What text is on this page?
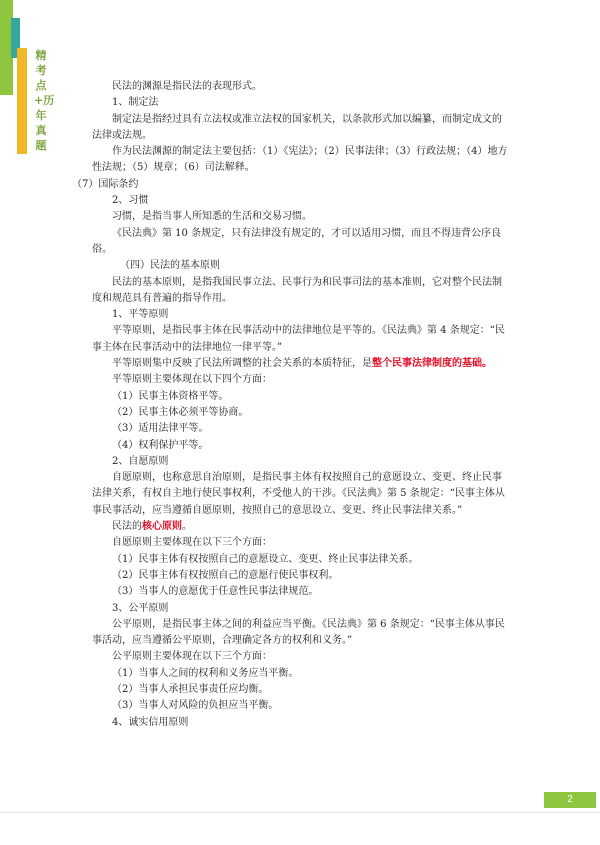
精考点+历年真题

民法的渊源是指民法的表现形式。

1、制定法

制定法是指经过具有立法权或准立法权的国家机关，以条款形式加以编纂，而制定成文的法律或法规。

作为民法渊源的制定法主要包括：（1）《宪法》；（2）民事法律；（3）行政法规；（4）地方性法规；（5）规章；（6）司法解释。

（7）国际条约

2、习惯

习惯，是指当事人所知悉的生活和交易习惯。

《民法典》第 10 条规定，只有法律没有规定的，才可以适用习惯，而且不得违背公序良俗。

（四）民法的基本原则

民法的基本原则，是指我国民事立法、民事行为和民事司法的基本准则，它对整个民法制度和规范具有普遍的指导作用。

1、平等原则

平等原则，是指民事主体在民事活动中的法律地位是平等的。《民法典》第 4 条规定：“民事主体在民事活动中的法律地位一律平等。”

平等原则集中反映了民法所调整的社会关系的本质特征，是整个民事法律制度的基础。

平等原则主要体现在以下四个方面：

（1）民事主体资格平等。

（2）民事主体必须平等协商。

（3）适用法律平等。

（4）权利保护平等。

2、自愿原则

自愿原则，也称意思自治原则，是指民事主体有权按照自己的意愿设立、变更、终止民事法律关系，有权自主地行使民事权利，不受他人的干涉。《民法典》第 5 条规定：“民事主体从事民事活动，应当遵循自愿原则，按照自己的意思设立、变更、终止民事法律关系。”

民法的核心原则。

自愿原则主要体现在以下三个方面：

（1）民事主体有权按照自己的意愿设立、变更、终止民事法律关系。

（2）民事主体有权按照自己的意愿行使民事权利。

（3）当事人的意愿优于任意性民事法律规范。

3、公平原则

公平原则，是指民事主体之间的利益应当平衡。《民法典》第 6 条规定：“民事主体从事民事活动，应当遵循公平原则，合理确定各方的权利和义务。”

公平原则主要体现在以下三个方面：

（1）当事人之间的权利和义务应当平衡。

（2）当事人承担民事责任应均衡。

（3）当事人对风险的负担应当平衡。

4、诚实信用原则

2
